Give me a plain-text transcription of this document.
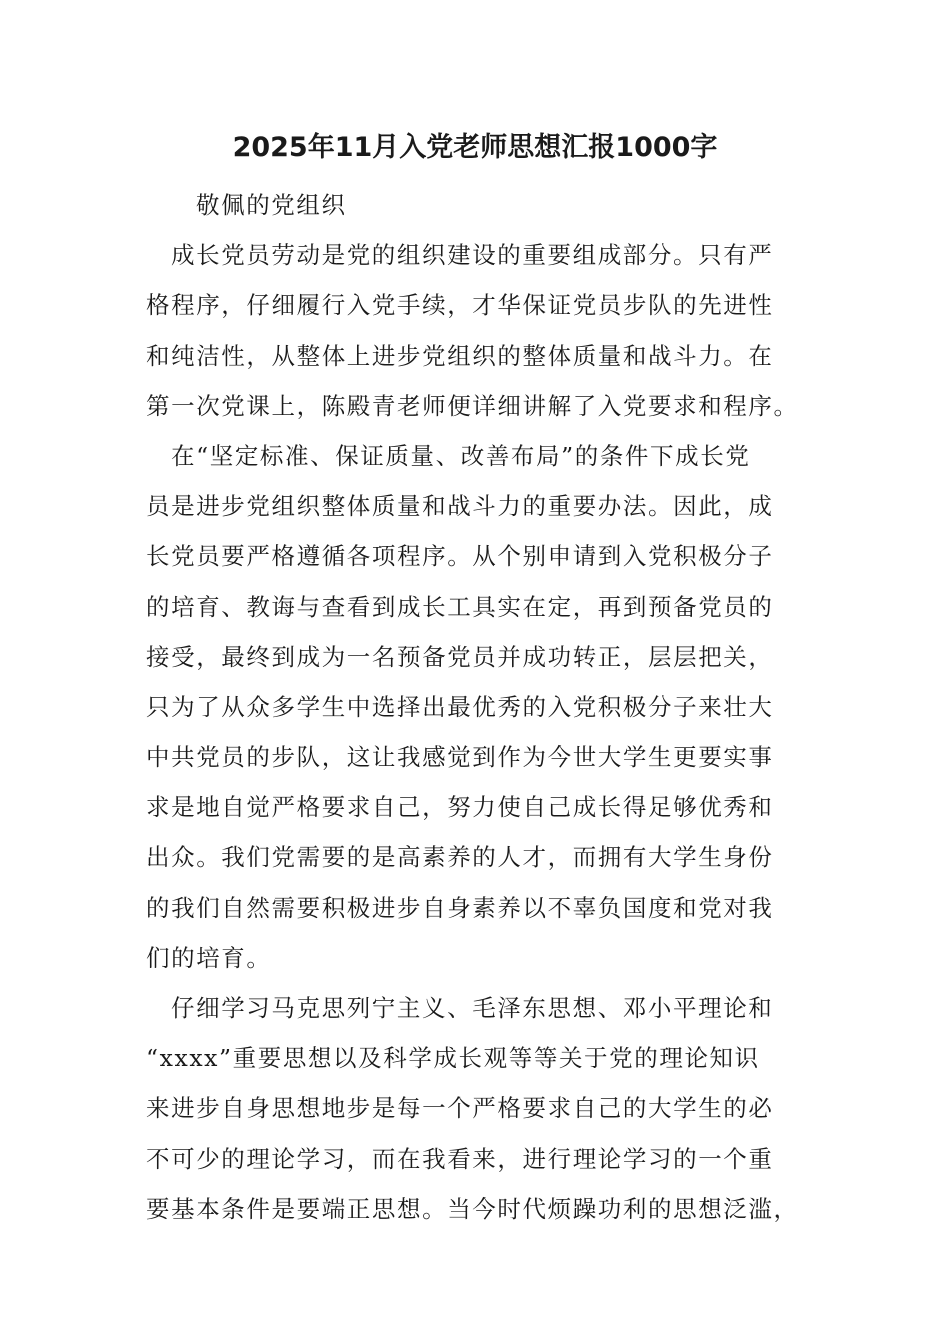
2025年11月入党老师思想汇报1000字
敬佩的党组织
成长党员劳动是党的组织建设的重要组成部分。只有严
格程序，仔细履行入党手续，才华保证党员步队的先进性
和纯洁性，从整体上进步党组织的整体质量和战斗力。在
第一次党课上，陈殿青老师便详细讲解了入党要求和程序。
在“坚定标准、保证质量、改善布局”的条件下成长党
员是进步党组织整体质量和战斗力的重要办法。因此，成
长党员要严格遵循各项程序。从个别申请到入党积极分子
的培育、教诲与查看到成长工具实在定，再到预备党员的
接受，最终到成为一名预备党员并成功转正，层层把关，
只为了从众多学生中选择出最优秀的入党积极分子来壮大
中共党员的步队，这让我感觉到作为今世大学生更要实事
求是地自觉严格要求自己，努力使自己成长得足够优秀和
出众。我们党需要的是高素养的人才，而拥有大学生身份
的我们自然需要积极进步自身素养以不辜负国度和党对我
们的培育。
仔细学习马克思列宁主义、毛泽东思想、邓小平理论和
“xxxx”重要思想以及科学成长观等等关于党的理论知识
来进步自身思想地步是每一个严格要求自己的大学生的必
不可少的理论学习，而在我看来，进行理论学习的一个重
要基本条件是要端正思想。当今时代烦躁功利的思想泛滥，
